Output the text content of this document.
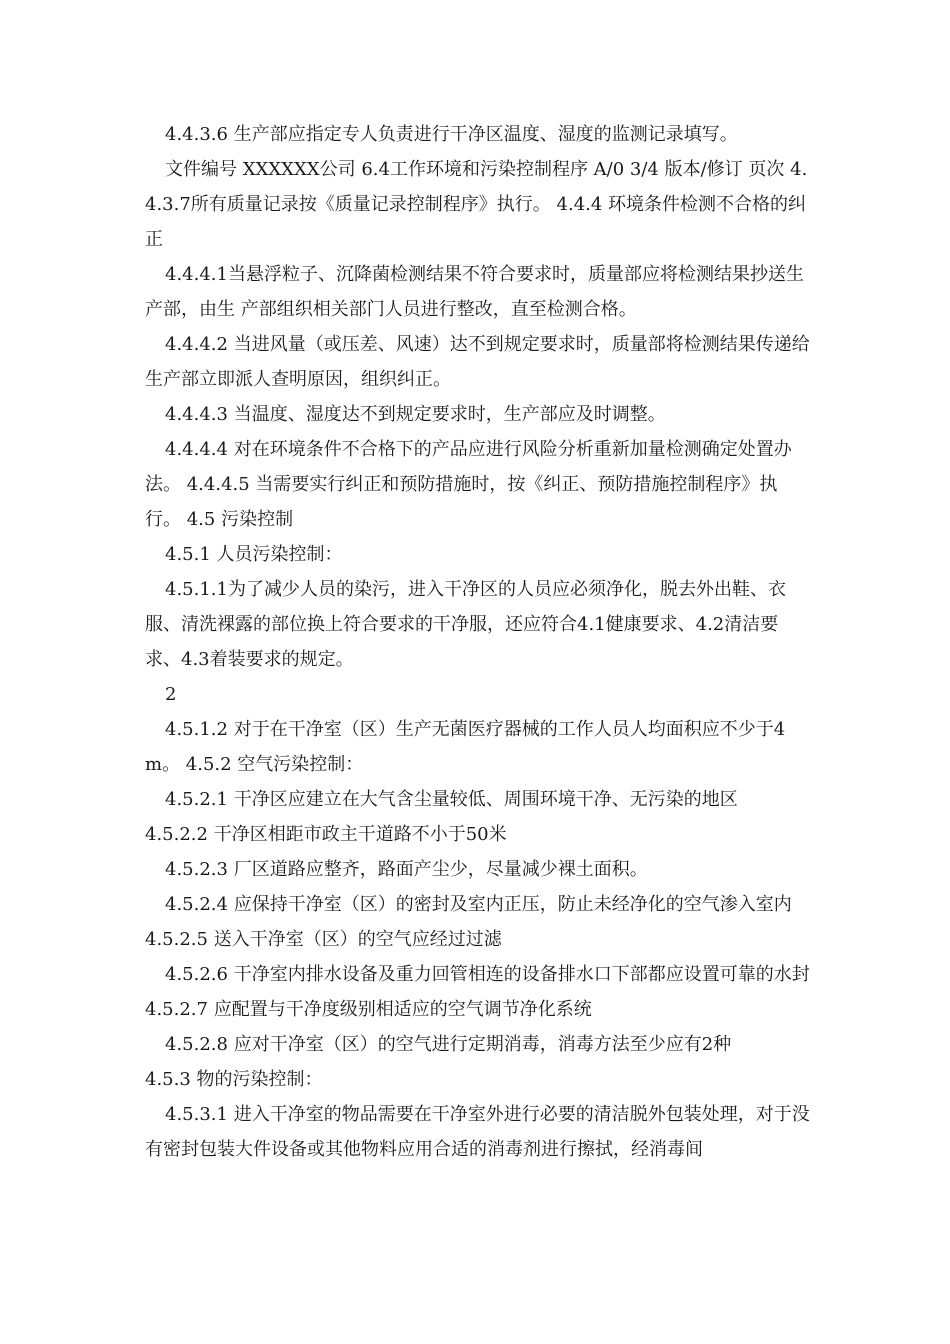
4.4.3.6 生产部应指定专人负责进行干净区温度、湿度的监测记录填写。

文件编号 XXXXXX公司 6.4工作环境和污染控制程序 A/0 3/4 版本/修订 页次 4.4.3.7所有质量记录按《质量记录控制程序》执行。 4.4.4 环境条件检测不合格的纠正

4.4.4.1当悬浮粒子、沉降菌检测结果不符合要求时，质量部应将检测结果抄送生产部，由生 产部组织相关部门人员进行整改，直至检测合格。

4.4.4.2 当进风量（或压差、风速）达不到规定要求时，质量部将检测结果传递给生产部立即派人查明原因，组织纠正。

4.4.4.3 当温度、湿度达不到规定要求时，生产部应及时调整。

4.4.4.4 对在环境条件不合格下的产品应进行风险分析重新加量检测确定处置办法。 4.4.4.5 当需要实行纠正和预防措施时，按《纠正、预防措施控制程序》执行。 4.5 污染控制

4.5.1 人员污染控制：

4.5.1.1为了减少人员的染污，进入干净区的人员应必须净化，脱去外出鞋、衣服、清洗裸露的部位换上符合要求的干净服，还应符合4.1健康要求、4.2清洁要求、4.3着装要求的规定。

2

4.5.1.2 对于在干净室（区）生产无菌医疗器械的工作人员人均面积应不少于4 m。 4.5.2 空气污染控制：

4.5.2.1 干净区应建立在大气含尘量较低、周围环境干净、无污染的地区

4.5.2.2 干净区相距市政主干道路不小于50米

4.5.2.3 厂区道路应整齐，路面产尘少，尽量减少裸土面积。

4.5.2.4 应保持干净室（区）的密封及室内正压，防止未经净化的空气渗入室内 4.5.2.5 送入干净室（区）的空气应经过过滤

4.5.2.6 干净室内排水设备及重力回管相连的设备排水口下部都应设置可靠的水封 4.5.2.7 应配置与干净度级别相适应的空气调节净化系统

4.5.2.8 应对干净室（区）的空气进行定期消毒，消毒方法至少应有2种

4.5.3 物的污染控制：

4.5.3.1 进入干净室的物品需要在干净室外进行必要的清洁脱外包装处理，对于没有密封包装大件设备或其他物料应用合适的消毒剂进行擦拭，经消毒间
